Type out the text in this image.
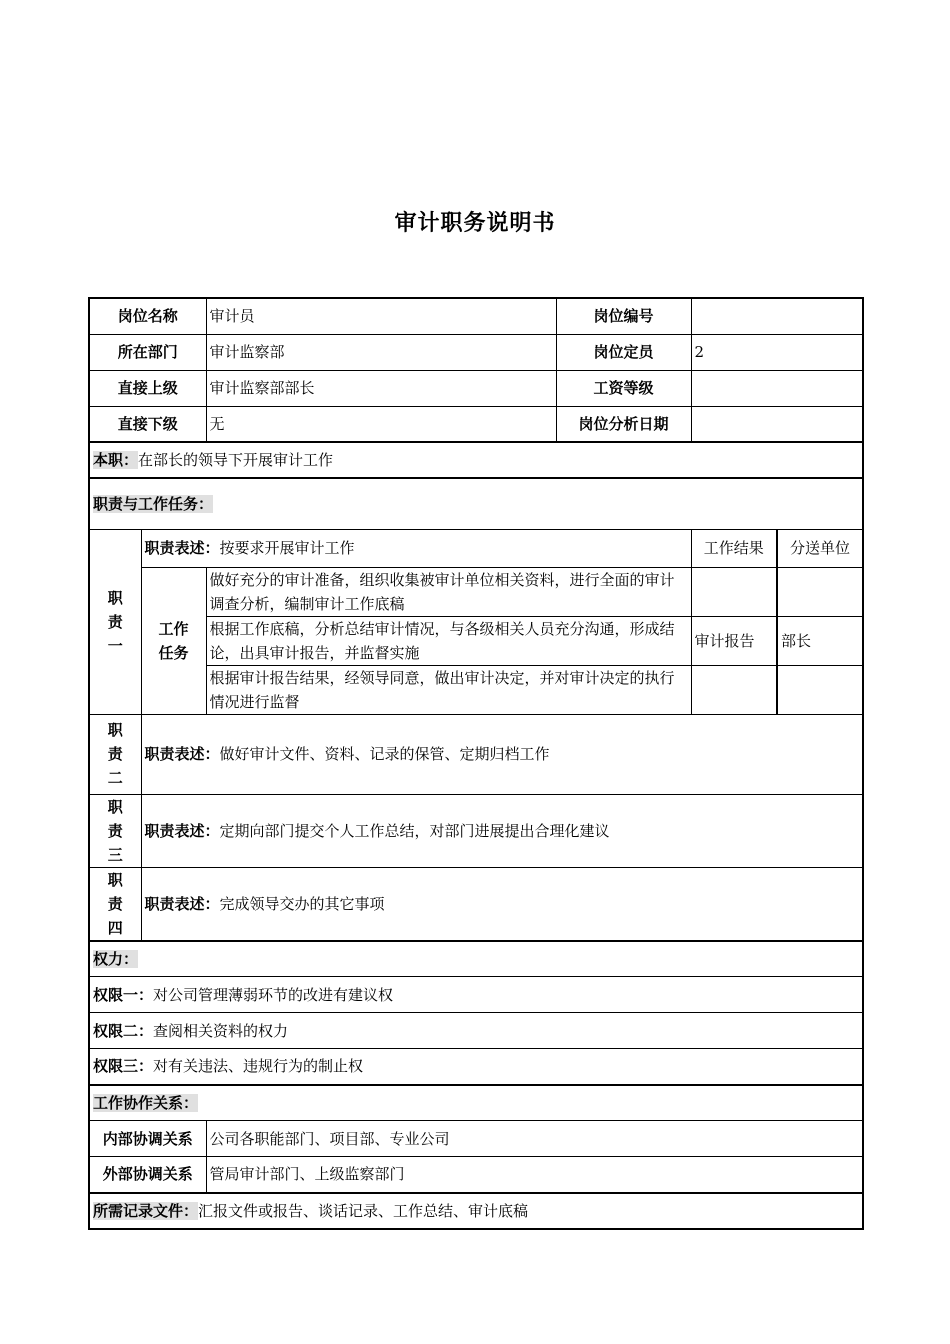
审计职务说明书
岗位名称		审计员	岗位编号		
所在部门		审计监察部	岗位定员	2	
直接上级		审计监察部部长	工资等级		
直接下级		无	岗位分析日期		
本职：在部长的领导下开展审计工作					
职责与工作任务：					

职
责
一	职责表述：按要求开展审计工作			工作结果	分送单位

	工作
任务	做好充分的审计准备，组织收集被审计单位相关资料，进行全面的审计调查分析，编制审计工作底稿			
		根据工作底稿，分析总结审计情况，与各级相关人员充分沟通，形成结论，出具审计报告，并监督实施		审计报告	部长
		根据审计报告结果，经领导同意，做出审计决定，并对审计决定的执行情况进行监督			

职
责
二	职责表述：做好审计文件、资料、记录的保管、定期归档工作				

职
责
三	职责表述：定期向部门提交个人工作总结，对部门进展提出合理化建议				

职
责
四	职责表述：完成领导交办的其它事项				
权力：					
权限一：对公司管理薄弱环节的改进有建议权					
权限二：查阅相关资料的权力					
权限三：对有关违法、违规行为的制止权					
工作协作关系：					
内部协调关系		公司各职能部门、项目部、专业公司			
外部协调关系		管局审计部门、上级监察部门			
所需记录文件：汇报文件或报告、谈话记录、工作总结、审计底稿					
